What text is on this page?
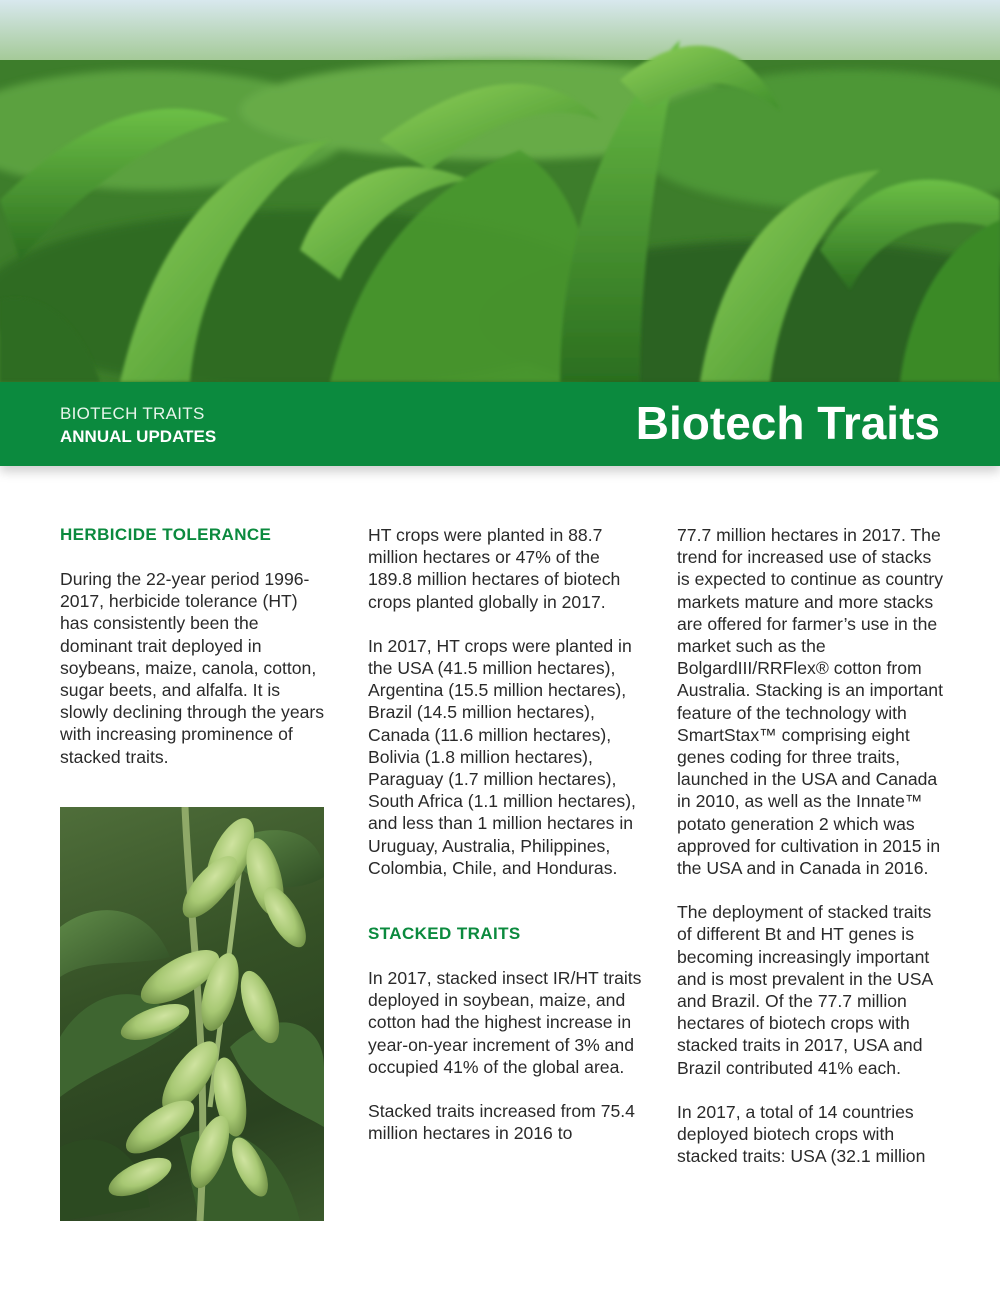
BIOTECH TRAITS
ANNUAL UPDATES	Biotech Traits
HERBICIDE TOLERANCE

During the 22-year period 1996-2017, herbicide tolerance (HT) has consistently been the dominant trait deployed in soybeans, maize, canola, cotton, sugar beets, and alfalfa. It is slowly declining through the years with increasing prominence of stacked traits.

HT crops were planted in 88.7 million hectares or 47% of the 189.8 million hectares of biotech crops planted globally in 2017.

In 2017, HT crops were planted in the USA (41.5 million hectares), Argentina (15.5 million hectares), Brazil (14.5 million hectares), Canada (11.6 million hectares), Bolivia (1.8 million hectares), Paraguay (1.7 million hectares), South Africa (1.1 million hectares), and less than 1 million hectares in Uruguay, Australia, Philippines, Colombia, Chile, and Honduras.

STACKED TRAITS

In 2017, stacked insect IR/HT traits deployed in soybean, maize, and cotton had the highest increase in year-on-year increment of 3% and occupied 41% of the global area.

Stacked traits increased from 75.4 million hectares in 2016 to

77.7 million hectares in 2017. The trend for increased use of stacks is expected to continue as country markets mature and more stacks are offered for farmer’s use in the market such as the BolgardIII/RRFlex® cotton from Australia. Stacking is an important feature of the technology with SmartStax™ comprising eight genes coding for three traits, launched in the USA and Canada in 2010, as well as the Innate™ potato generation 2 which was approved for cultivation in 2015 in the USA and in Canada in 2016.

The deployment of stacked traits of different Bt and HT genes is becoming increasingly important and is most prevalent in the USA and Brazil. Of the 77.7 million hectares of biotech crops with stacked traits in 2017, USA and Brazil contributed 41% each.

In 2017, a total of 14 countries deployed biotech crops with stacked traits: USA (32.1 million
